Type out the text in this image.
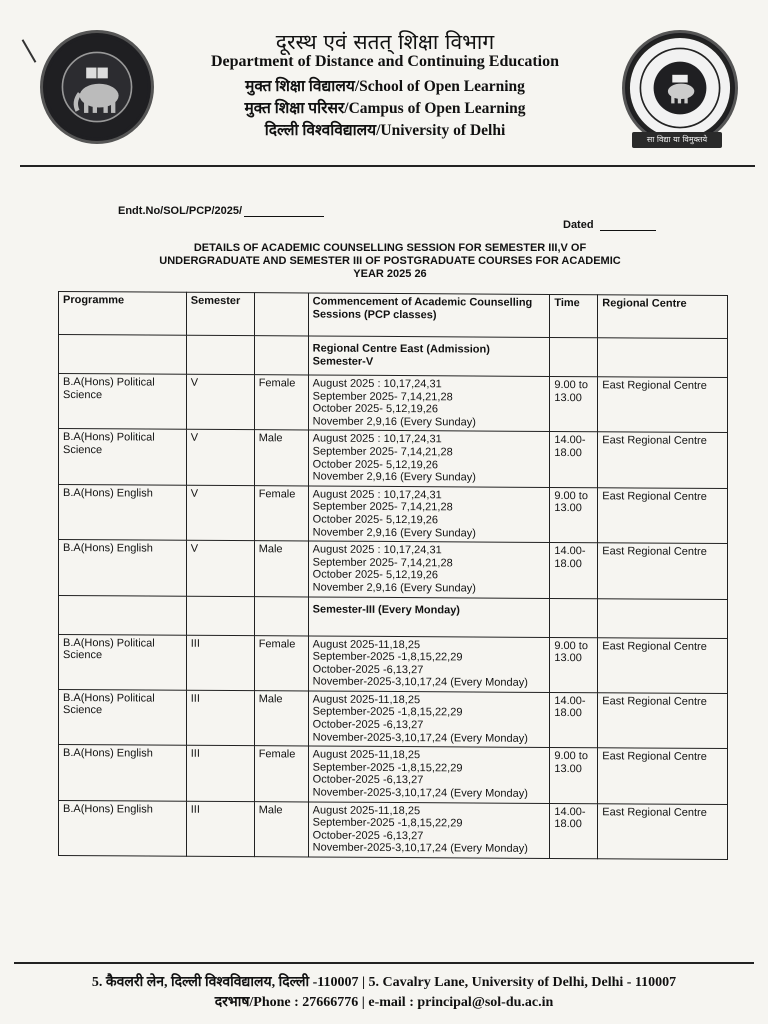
दूरस्थ एवं सतत् शिक्षा विभाग

Department of Distance and Continuing Education

मुक्त शिक्षा विद्यालय/School of Open Learning

मुक्त शिक्षा परिसर/Campus of Open Learning

दिल्ली विश्वविद्यालय/University of Delhi

सा विद्या या विमुक्तये
Endt.No/SOL/PCP/2025/
Dated
DETAILS OF ACADEMIC COUNSELLING SESSION FOR SEMESTER III,V OF
UNDERGRADUATE AND SEMESTER III OF POSTGRADUATE COURSES FOR ACADEMIC
YEAR 2025 26
Programme	Semester		Commencement of Academic Counselling Sessions (PCP classes)	Time	Regional Centre
			Regional Centre East (Admission) Semester-V		
B.A(Hons) Political Science	V	Female	August 2025 : 10,17,24,31
September 2025- 7,14,21,28
October 2025- 5,12,19,26
November 2,9,16 (Every Sunday)	9.00 to 13.00	East Regional Centre
B.A(Hons) Political Science	V	Male	August 2025 : 10,17,24,31
September 2025- 7,14,21,28
October 2025- 5,12,19,26
November 2,9,16 (Every Sunday)	14.00-18.00	East Regional Centre
B.A(Hons) English	V	Female	August 2025 : 10,17,24,31
September 2025- 7,14,21,28
October 2025- 5,12,19,26
November 2,9,16 (Every Sunday)	9.00 to 13.00	East Regional Centre
B.A(Hons) English	V	Male	August 2025 : 10,17,24,31
September 2025- 7,14,21,28
October 2025- 5,12,19,26
November 2,9,16 (Every Sunday)	14.00-18.00	East Regional Centre
			Semester-III (Every Monday)		
B.A(Hons) Political Science	III	Female	August 2025-11,18,25
September-2025 -1,8,15,22,29
October-2025 -6,13,27
November-2025-3,10,17,24 (Every Monday)	9.00 to 13.00	East Regional Centre
B.A(Hons) Political Science	III	Male	August 2025-11,18,25
September-2025 -1,8,15,22,29
October-2025 -6,13,27
November-2025-3,10,17,24 (Every Monday)	14.00-18.00	East Regional Centre
B.A(Hons) English	III	Female	August 2025-11,18,25
September-2025 -1,8,15,22,29
October-2025 -6,13,27
November-2025-3,10,17,24 (Every Monday)	9.00 to 13.00	East Regional Centre
B.A(Hons) English	III	Male	August 2025-11,18,25
September-2025 -1,8,15,22,29
October-2025 -6,13,27
November-2025-3,10,17,24 (Every Monday)	14.00-18.00	East Regional Centre

5. कैवलरी लेन, दिल्ली विश्वविद्यालय, दिल्ली -110007 | 5. Cavalry Lane, University of Delhi, Delhi - 110007

दरभाष/Phone : 27666776 | e-mail : principal@sol-du.ac.in
